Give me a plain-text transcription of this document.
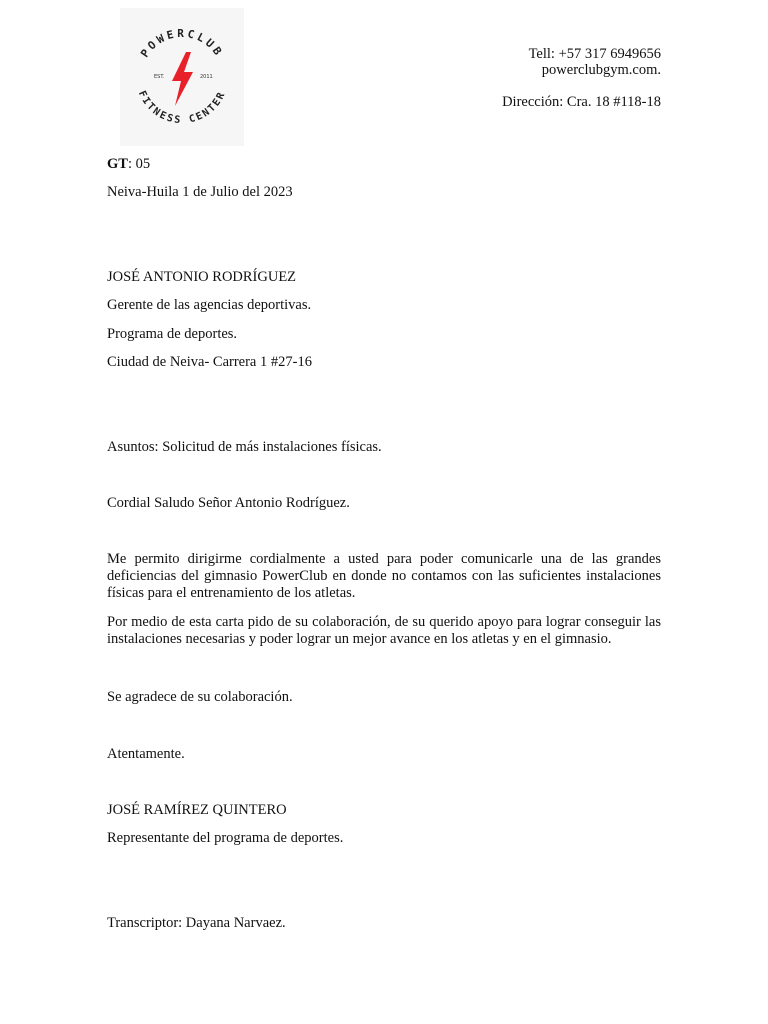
POWERCLUB
FITNESS CENTER
EST.	2011
Tell: +57 317 6949656
powerclubgym.com.
Dirección: Cra. 18 #118-18
GT: 05
Neiva-Huila 1 de Julio del 2023
JOSÉ ANTONIO RODRÍGUEZ
Gerente de las agencias deportivas.
Programa de deportes.
Ciudad de Neiva- Carrera 1 #27-16
Asuntos: Solicitud de más instalaciones físicas.
Cordial Saludo Señor Antonio Rodríguez.
Me permito dirigirme cordialmente a usted para poder comunicarle una de las grandes deficiencias del gimnasio PowerClub en donde no contamos con las suficientes instalaciones físicas para el entrenamiento de los atletas.
Por medio de esta carta pido de su colaboración, de su querido apoyo para lograr conseguir las instalaciones necesarias y poder lograr un mejor avance en los atletas y en el gimnasio.
Se agradece de su colaboración.
Atentamente.
JOSÉ RAMÍREZ QUINTERO
Representante del programa de deportes.
Transcriptor: Dayana Narvaez.
